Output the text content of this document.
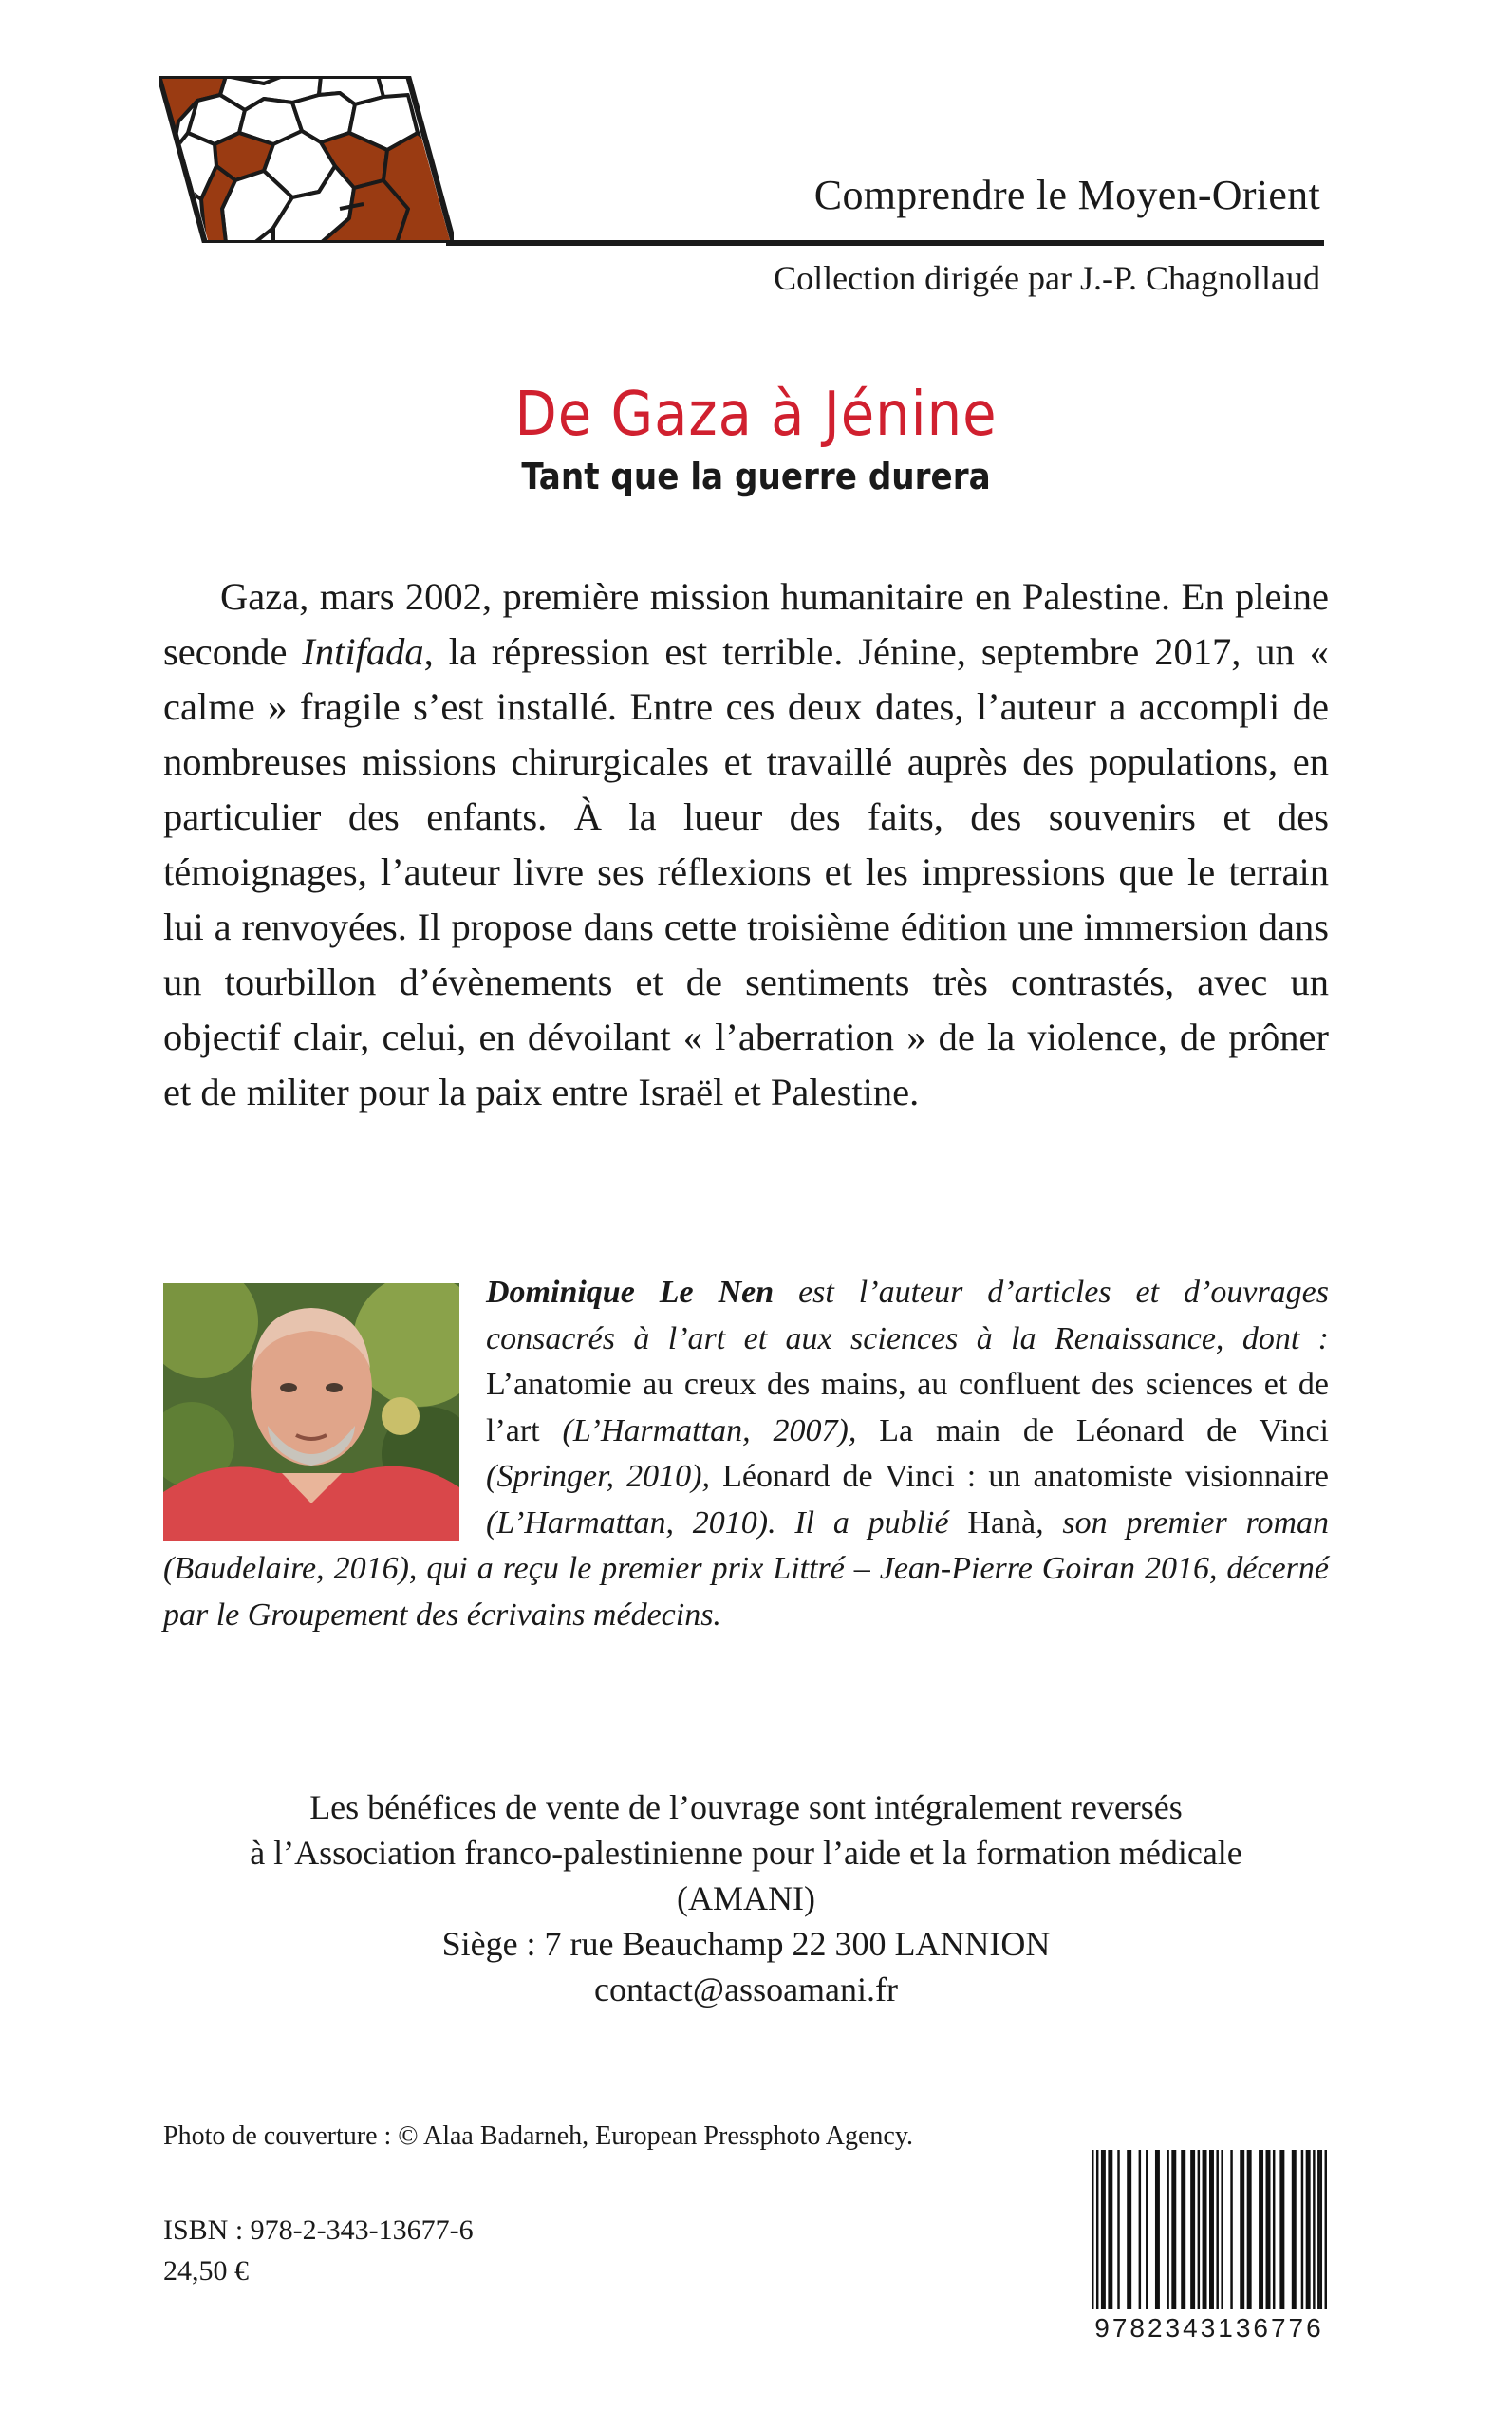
Comprendre le Moyen-Orient
Collection dirigée par J.-P. Chagnollaud
De Gaza à Jénine
Tant que la guerre durera

Gaza, mars 2002, première mission humanitaire en Palestine. En pleine seconde Intifada, la répression est terrible. Jénine, septembre 2017, un « calme » fragile s’est installé. Entre ces deux dates, l’auteur a accompli de nombreuses missions chirurgicales et travaillé auprès des populations, en particulier des enfants. À la lueur des faits, des souvenirs et des témoignages, l’auteur livre ses réflexions et les impressions que le terrain lui a renvoyées. Il propose dans cette troisième édition une immersion dans un tourbillon d’évènements et de sentiments très contrastés, avec un objectif clair, celui, en dévoilant « l’aberration » de la violence, de prôner et de militer pour la paix entre Israël et Palestine.

Dominique Le Nen est l’auteur d’articles et d’ouvrages consacrés à l’art et aux sciences à la Renaissance, dont : L’anatomie au creux des mains, au confluent des sciences et de l’art (L’Harmattan, 2007), La main de Léonard de Vinci (Springer, 2010), Léonard de Vinci : un anatomiste visionnaire (L’Harmattan, 2010). Il a publié Hanà, son premier roman (Baudelaire, 2016), qui a reçu le premier prix Littré – Jean-Pierre Goiran 2016, décerné par le Groupement des écrivains médecins.

Les bénéfices de vente de l’ouvrage sont intégralement reversés
à l’Association franco-palestinienne pour l’aide et la formation médicale
(AMANI)
Siège : 7 rue Beauchamp 22 300 LANNION
contact@assoamani.fr
Photo de couverture : © Alaa Badarneh, European Pressphoto Agency.
ISBN : 978-2-343-13677-6
24,50 €
9782343136776
